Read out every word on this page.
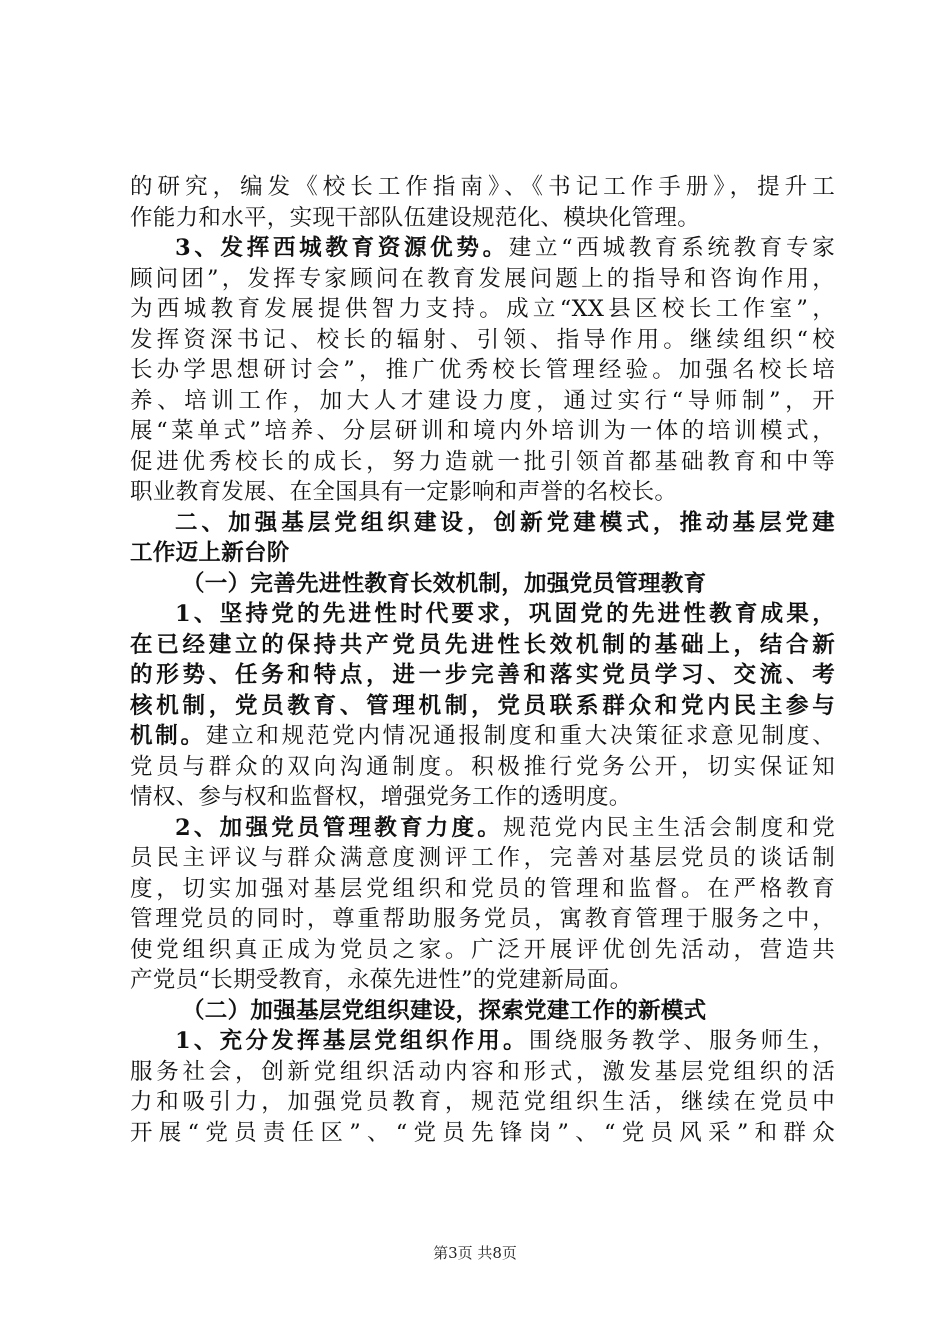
的研究，编发《校长工作指南》、《书记工作手册》，提升工
作能力和水平，实现干部队伍建设规范化、模块化管理。
3、发挥西城教育资源优势。建立“西城教育系统教育专家
顾问团”，发挥专家顾问在教育发展问题上的指导和咨询作用，
为西城教育发展提供智力支持。成立“XX县区校长工作室”，
发挥资深书记、校长的辐射、引领、指导作用。继续组织“校
长办学思想研讨会”，推广优秀校长管理经验。加强名校长培
养、培训工作，加大人才建设力度，通过实行“导师制”，开
展“菜单式”培养、分层研训和境内外培训为一体的培训模式，
促进优秀校长的成长，努力造就一批引领首都基础教育和中等
职业教育发展、在全国具有一定影响和声誉的名校长。
二、加强基层党组织建设，创新党建模式，推动基层党建
工作迈上新台阶
（一）完善先进性教育长效机制，加强党员管理教育
1、坚持党的先进性时代要求，巩固党的先进性教育成果，
在已经建立的保持共产党员先进性长效机制的基础上，结合新
的形势、任务和特点，进一步完善和落实党员学习、交流、考
核机制，党员教育、管理机制，党员联系群众和党内民主参与
机制。建立和规范党内情况通报制度和重大决策征求意见制度、
党员与群众的双向沟通制度。积极推行党务公开，切实保证知
情权、参与权和监督权，增强党务工作的透明度。
2、加强党员管理教育力度。规范党内民主生活会制度和党
员民主评议与群众满意度测评工作，完善对基层党员的谈话制
度，切实加强对基层党组织和党员的管理和监督。在严格教育
管理党员的同时，尊重帮助服务党员，寓教育管理于服务之中，
使党组织真正成为党员之家。广泛开展评优创先活动，营造共
产党员“长期受教育，永葆先进性”的党建新局面。
（二）加强基层党组织建设，探索党建工作的新模式
1、充分发挥基层党组织作用。围绕服务教学、服务师生，
服务社会，创新党组织活动内容和形式，激发基层党组织的活
力和吸引力，加强党员教育，规范党组织生活，继续在党员中
开展“党员责任区”、“党员先锋岗”、“党员风采”和群众
第3页 共8页
